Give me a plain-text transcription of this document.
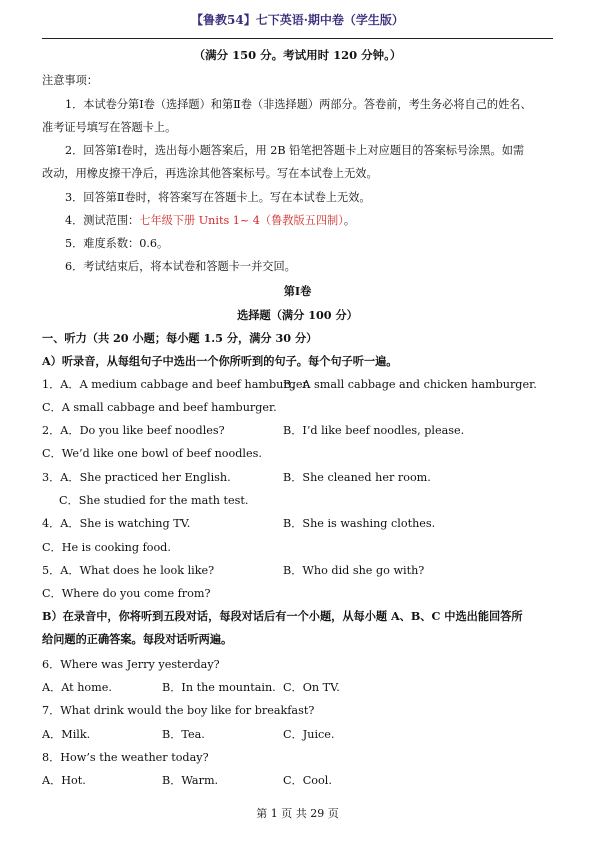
【鲁教54】七下英语·期中卷（学生版）
（满分 150 分。考试用时 120 分钟。）
注意事项：
1．本试卷分第Ⅰ卷（选择题）和第Ⅱ卷（非选择题）两部分。答卷前，考生务必将自己的姓名、
准考证号填写在答题卡上。
2．回答第Ⅰ卷时，选出每小题答案后，用 2B 铅笔把答题卡上对应题目的答案标号涂黑。如需
改动，用橡皮擦干净后，再选涂其他答案标号。写在本试卷上无效。
3．回答第Ⅱ卷时，将答案写在答题卡上。写在本试卷上无效。
4．测试范围：七年级下册 Units 1~ 4（鲁教版五四制）。
5．难度系数：0.6。
6．考试结束后，将本试卷和答题卡一并交回。
第Ⅰ卷
选择题（满分 100 分）
一、听力（共 20 小题；每小题 1.5 分，满分 30 分）
A）听录音，从每组句子中选出一个你所听到的句子。每个句子听一遍。
1．A．A medium cabbage and beef hamburger.
B．A small cabbage and chicken hamburger.
C．A small cabbage and beef hamburger.
2．A．Do you like beef noodles?	B．I’d like beef noodles, please.
C．We’d like one bowl of beef noodles.
3．A．She practiced her English.	B．She cleaned her room.
C．She studied for the math test.
4．A．She is watching TV.	B．She is washing clothes.
C．He is cooking food.
5．A．What does he look like?	B．Who did she go with?
C．Where do you come from?
B）在录音中，你将听到五段对话，每段对话后有一个小题，从每小题 A、B、C 中选出能回答所
给问题的正确答案。每段对话听两遍。
6．Where was Jerry yesterday?
A．At home.	B．In the mountain. C．On TV.
7．What drink would the boy like for breakfast?
A．Milk.	B．Tea.	C．Juice.
8．How’s the weather today?
A．Hot.	B．Warm.	C．Cool.
第 1 页 共 29 页
